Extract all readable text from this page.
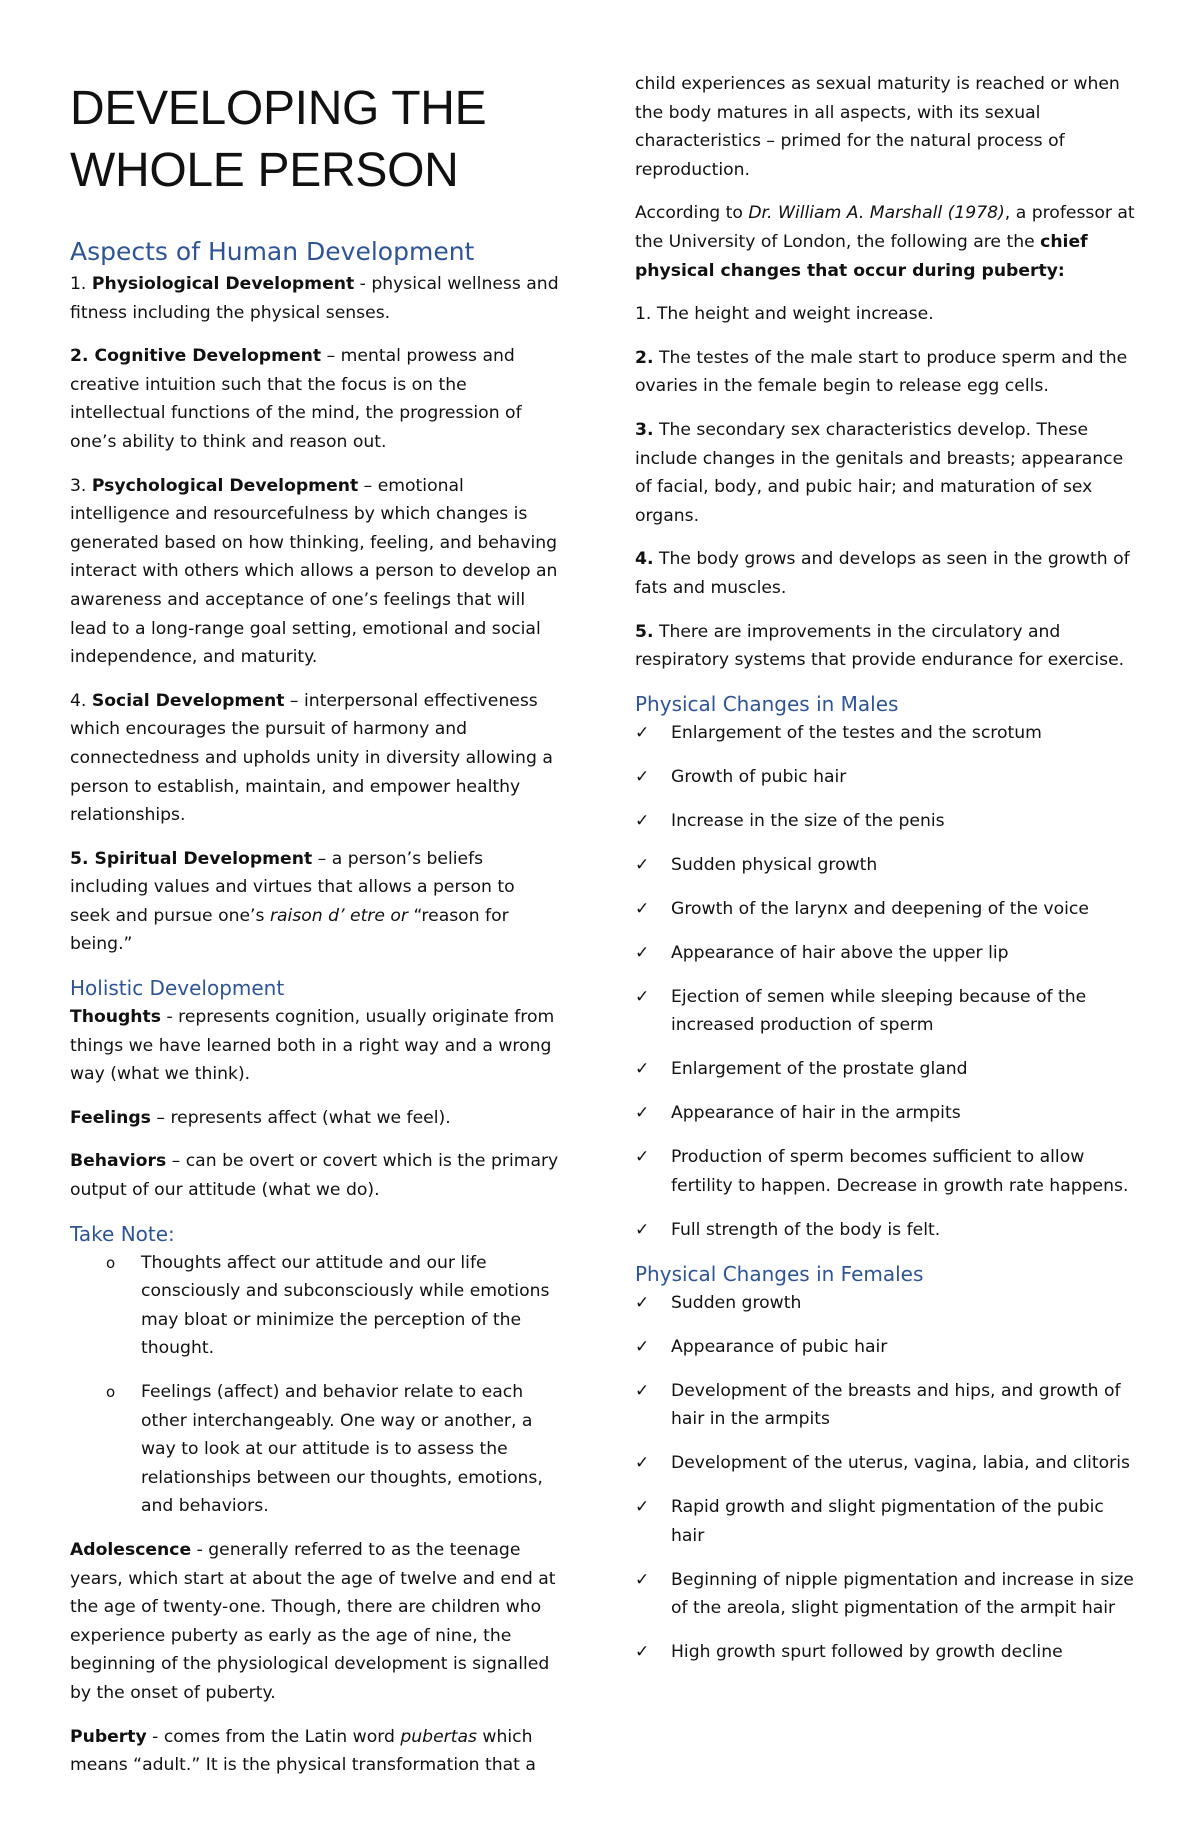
DEVELOPING THE
WHOLE PERSON
Aspects of Human Development

1. Physiological Development - physical wellness and fitness including the physical senses.

2. Cognitive Development – mental prowess and creative intuition such that the focus is on the intellectual functions of the mind, the progression of one’s ability to think and reason out.

3. Psychological Development – emotional intelligence and resourcefulness by which changes is generated based on how thinking, feeling, and behaving interact with others which allows a person to develop an awareness and acceptance of one’s feelings that will lead to a long-range goal setting, emotional and social independence, and maturity.

4. Social Development – interpersonal effectiveness which encourages the pursuit of harmony and connectedness and upholds unity in diversity allowing a person to establish, maintain, and empower healthy relationships.

5. Spiritual Development – a person’s beliefs including values and virtues that allows a person to seek and pursue one’s raison d’ etre or “reason for being.”

Holistic Development

Thoughts - represents cognition, usually originate from things we have learned both in a right way and a wrong way (what we think).

Feelings – represents affect (what we feel).

Behaviors – can be overt or covert which is the primary output of our attitude (what we do).

Take Note:
o Thoughts affect our attitude and our life consciously and subconsciously while emotions may bloat or minimize the perception of the thought.
o Feelings (affect) and behavior relate to each other interchangeably. One way or another, a way to look at our attitude is to assess the relationships between our thoughts, emotions, and behaviors.

Adolescence - generally referred to as the teenage years, which start at about the age of twelve and end at the age of twenty-one. Though, there are children who experience puberty as early as the age of nine, the beginning of the physiological development is signalled by the onset of puberty.

Puberty - comes from the Latin word pubertas which means “adult.” It is the physical transformation that a

child experiences as sexual maturity is reached or when the body matures in all aspects, with its sexual characteristics – primed for the natural process of reproduction.

According to Dr. William A. Marshall (1978), a professor at the University of London, the following are the chief physical changes that occur during puberty:

1. The height and weight increase.
2. The testes of the male start to produce sperm and the ovaries in the female begin to release egg cells.
3. The secondary sex characteristics develop. These include changes in the genitals and breasts; appearance of facial, body, and pubic hair; and maturation of sex organs.
4. The body grows and develops as seen in the growth of fats and muscles.
5. There are improvements in the circulatory and respiratory systems that provide endurance for exercise.
Physical Changes in Males
✓ Enlargement of the testes and the scrotum
✓ Growth of pubic hair
✓ Increase in the size of the penis
✓ Sudden physical growth
✓ Growth of the larynx and deepening of the voice
✓ Appearance of hair above the upper lip
✓ Ejection of semen while sleeping because of the increased production of sperm
✓ Enlargement of the prostate gland
✓ Appearance of hair in the armpits
✓ Production of sperm becomes sufficient to allow fertility to happen. Decrease in growth rate happens.
✓ Full strength of the body is felt.
Physical Changes in Females
✓ Sudden growth
✓ Appearance of pubic hair
✓ Development of the breasts and hips, and growth of hair in the armpits
✓ Development of the uterus, vagina, labia, and clitoris
✓ Rapid growth and slight pigmentation of the pubic hair
✓ Beginning of nipple pigmentation and increase in size of the areola, slight pigmentation of the armpit hair
✓ High growth spurt followed by growth decline
